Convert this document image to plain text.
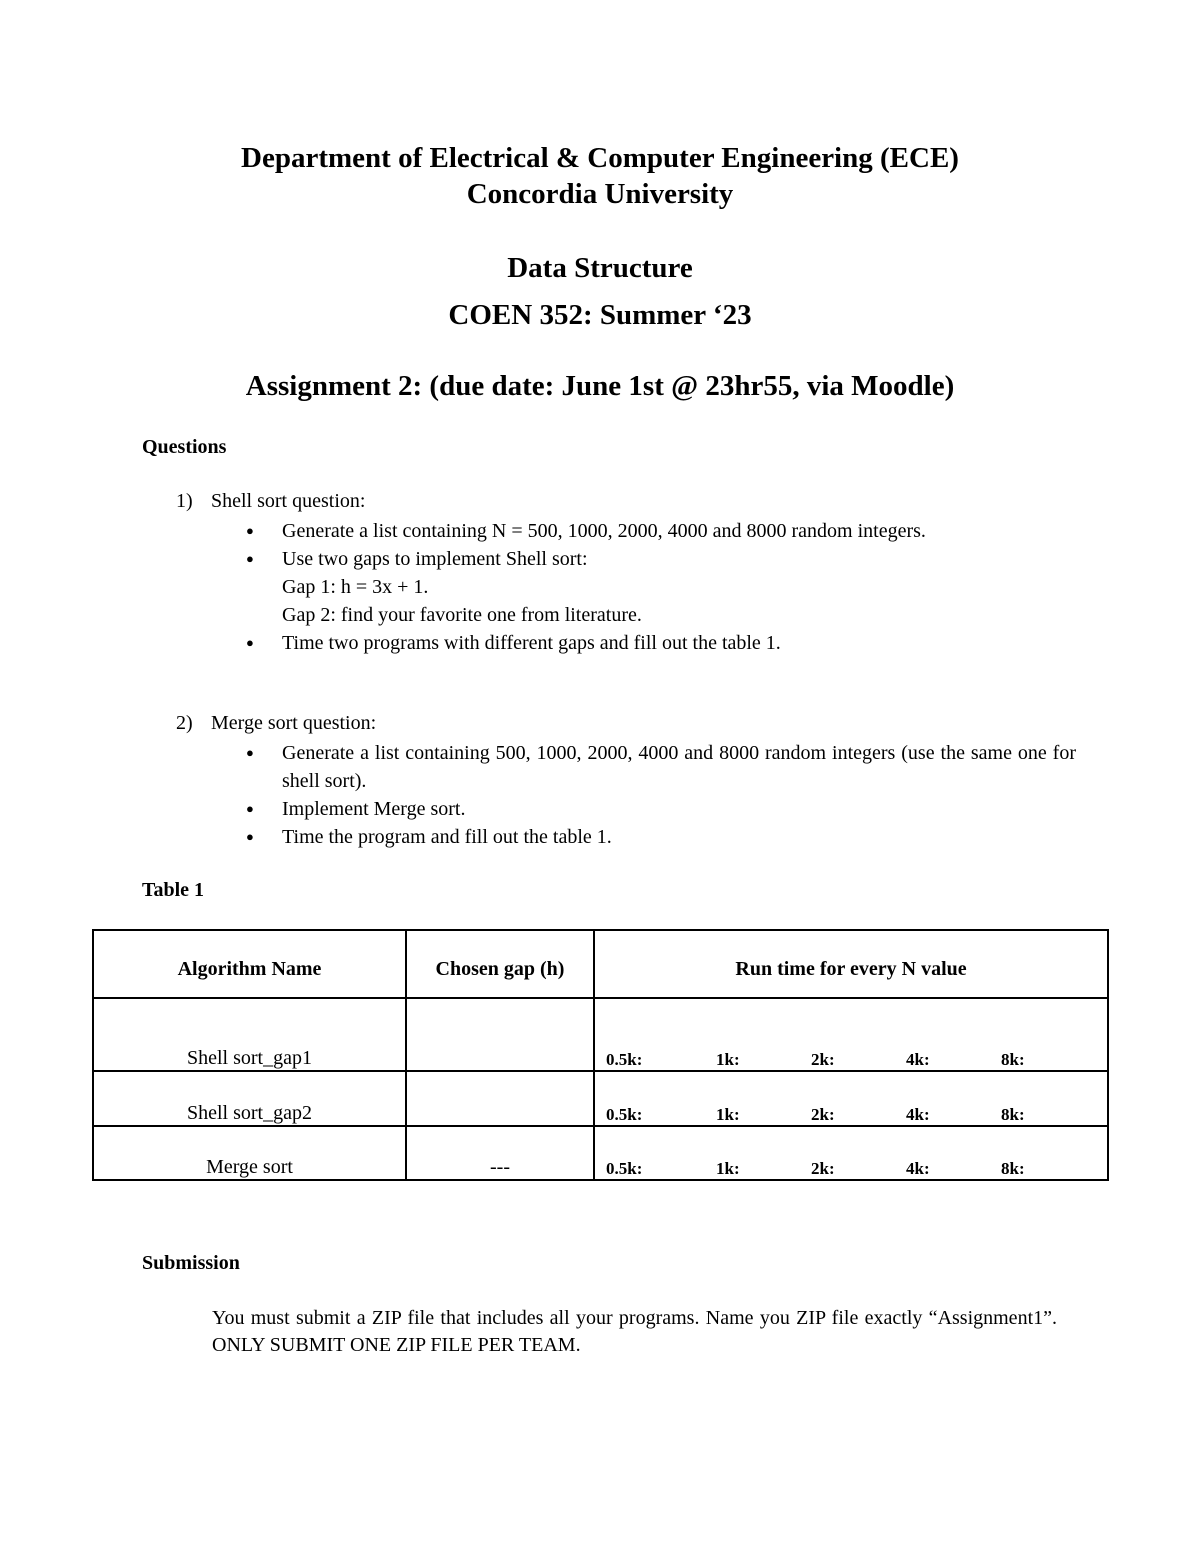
Department of Electrical & Computer Engineering (ECE)
Concordia University
Data Structure
COEN 352: Summer ‘23
Assignment 2: (due date: June 1st @ 23hr55, via Moodle)
Questions
1) Shell sort question:
● Generate a list containing N = 500, 1000, 2000, 4000 and 8000 random integers.
● Use two gaps to implement Shell sort:
Gap 1: h = 3x + 1.
Gap 2: find your favorite one from literature.
● Time two programs with different gaps and fill out the table 1.
2) Merge sort question:
● Generate a list containing 500, 1000, 2000, 4000 and 8000 random integers (use the same one for shell sort).
● Implement Merge sort.
● Time the program and fill out the table 1.
Table 1
Algorithm Name	Chosen gap (h)	Run time for every N value
Shell sort_gap1		0.5k: 1k: 2k: 4k: 8k:
Shell sort_gap2		0.5k: 1k: 2k: 4k: 8k:
Merge sort	---	0.5k: 1k: 2k: 4k: 8k:
Submission

You must submit a ZIP file that includes all your programs. Name you ZIP file exactly “Assignment1”. ONLY SUBMIT ONE ZIP FILE PER TEAM.
